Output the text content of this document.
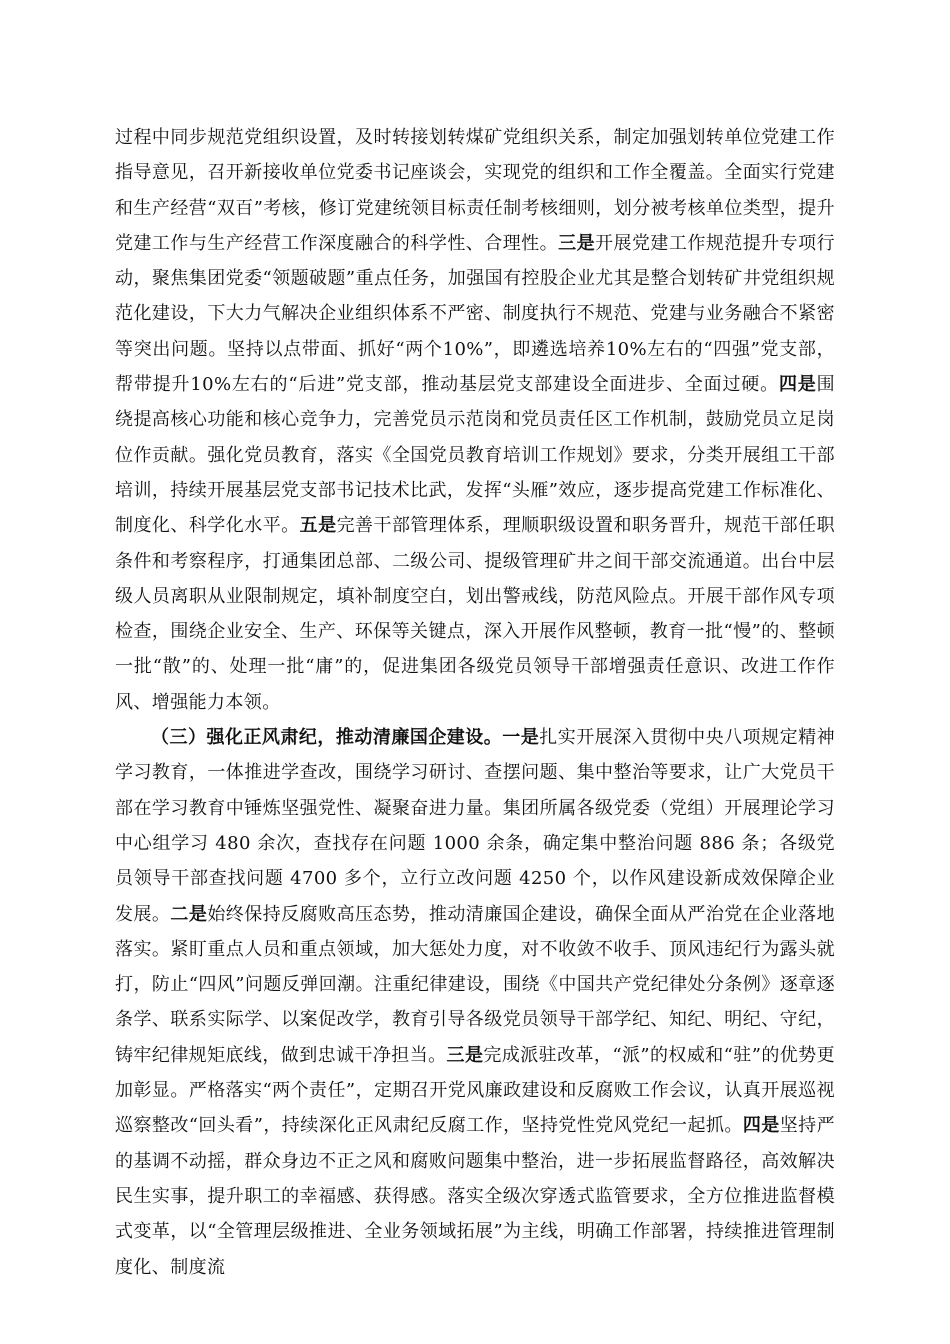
过程中同步规范党组织设置，及时转接划转煤矿党组织关系，制定加强划转单位党建工作指导意见，召开新接收单位党委书记座谈会，实现党的组织和工作全覆盖。全面实行党建和生产经营“双百”考核，修订党建统领目标责任制考核细则，划分被考核单位类型，提升党建工作与生产经营工作深度融合的科学性、合理性。三是开展党建工作规范提升专项行动，聚焦集团党委“领题破题”重点任务，加强国有控股企业尤其是整合划转矿井党组织规范化建设，下大力气解决企业组织体系不严密、制度执行不规范、党建与业务融合不紧密等突出问题。坚持以点带面、抓好“两个10%”，即遴选培养10%左右的“四强”党支部，帮带提升10%左右的“后进”党支部，推动基层党支部建设全面进步、全面过硬。四是围绕提高核心功能和核心竞争力，完善党员示范岗和党员责任区工作机制，鼓励党员立足岗位作贡献。强化党员教育，落实《全国党员教育培训工作规划》要求，分类开展组工干部培训，持续开展基层党支部书记技术比武，发挥“头雁”效应，逐步提高党建工作标准化、制度化、科学化水平。五是完善干部管理体系，理顺职级设置和职务晋升，规范干部任职条件和考察程序，打通集团总部、二级公司、提级管理矿井之间干部交流通道。出台中层级人员离职从业限制规定，填补制度空白，划出警戒线，防范风险点。开展干部作风专项检查，围绕企业安全、生产、环保等关键点，深入开展作风整顿，教育一批“慢”的、整顿一批“散”的、处理一批“庸”的，促进集团各级党员领导干部增强责任意识、改进工作作风、增强能力本领。

（三）强化正风肃纪，推动清廉国企建设。一是扎实开展深入贯彻中央八项规定精神学习教育，一体推进学查改，围绕学习研讨、查摆问题、集中整治等要求，让广大党员干部在学习教育中锤炼坚强党性、凝聚奋进力量。集团所属各级党委（党组）开展理论学习中心组学习 480 余次，查找存在问题 1000 余条，确定集中整治问题 886 条；各级党员领导干部查找问题 4700 多个，立行立改问题 4250 个，以作风建设新成效保障企业发展。二是始终保持反腐败高压态势，推动清廉国企建设，确保全面从严治党在企业落地落实。紧盯重点人员和重点领域，加大惩处力度，对不收敛不收手、顶风违纪行为露头就打，防止“四风”问题反弹回潮。注重纪律建设，围绕《中国共产党纪律处分条例》逐章逐条学、联系实际学、以案促改学，教育引导各级党员领导干部学纪、知纪、明纪、守纪，铸牢纪律规矩底线，做到忠诚干净担当。三是完成派驻改革，“派”的权威和“驻”的优势更加彰显。严格落实“两个责任”，定期召开党风廉政建设和反腐败工作会议，认真开展巡视巡察整改“回头看”，持续深化正风肃纪反腐工作，坚持党性党风党纪一起抓。四是坚持严的基调不动摇，群众身边不正之风和腐败问题集中整治，进一步拓展监督路径，高效解决民生实事，提升职工的幸福感、获得感。落实全级次穿透式监管要求，全方位推进监督模式变革，以“全管理层级推进、全业务领域拓展”为主线，明确工作部署，持续推进管理制度化、制度流
